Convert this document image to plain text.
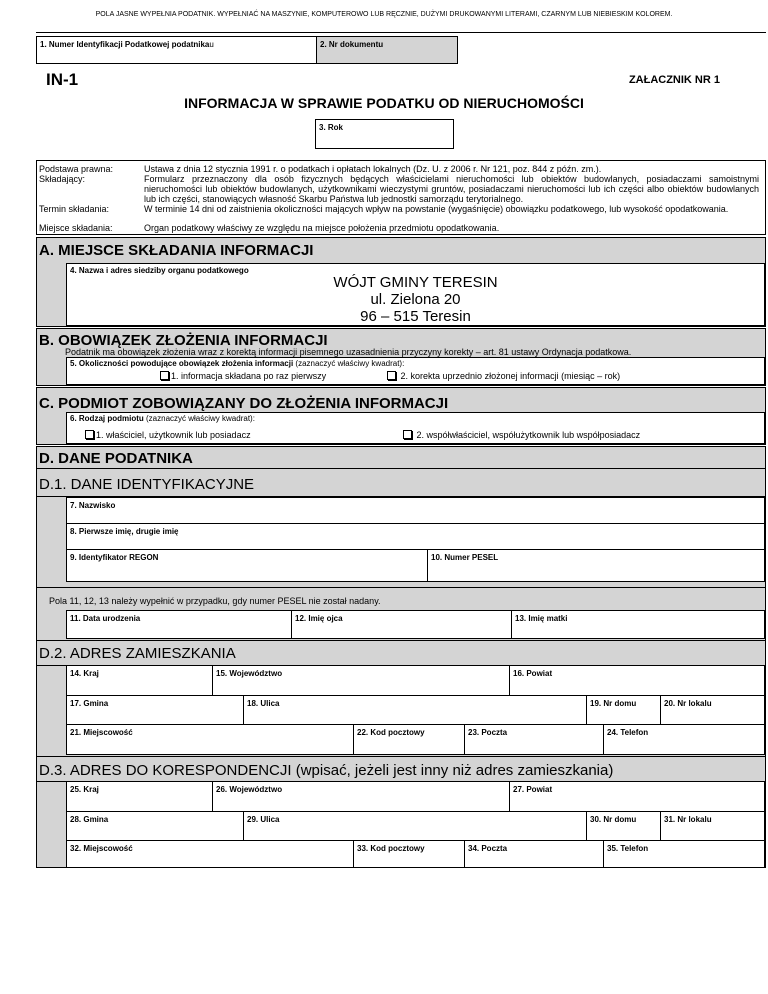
POLA JASNE WYPEŁNIA PODATNIK. WYPEŁNIAĆ NA MASZYNIE, KOMPUTEROWO LUB RĘCZNIE, DUŻYMI DRUKOWANYMI LITERAMI, CZARNYM LUB NIEBIESKIM KOLOREM.
1. Numer Identyfikacji Podatkowej podatnikau	2. Nr dokumentu
IN-1	ZAŁACZNIK NR 1
INFORMACJA W SPRAWIE PODATKU OD NIERUCHOMOŚCI
3. Rok
Podstawa prawna:	Ustawa z dnia 12 stycznia 1991 r. o podatkach i opłatach lokalnych (Dz. U. z 2006 r. Nr 121, poz. 844 z późn. zm.).
Składający:	Formularz przeznaczony dla osób fizycznych będących właścicielami nieruchomości lub obiektów budowlanych, posiadaczami samoistnymi nieruchomości lub obiektów budowlanych, użytkownikami wieczystymi gruntów, posiadaczami nieruchomości lub ich części albo obiektów budowlanych lub ich części, stanowiących własność Skarbu Państwa lub jednostki samorządu terytorialnego.
Termin składania:	W terminie 14 dni od zaistnienia okoliczności mających wpływ na powstanie (wygaśnięcie) obowiązku podatkowego, lub wysokość opodatkowania.
Miejsce składania:	Organ podatkowy właściwy ze względu na miejsce położenia przedmiotu opodatkowania.
A. MIEJSCE SKŁADANIA INFORMACJI
4. Nazwa i adres siedziby organu podatkowego
WÓJT GMINY TERESIN
ul. Zielona 20
96 – 515 Teresin
B. OBOWIĄZEK ZŁOŻENIA INFORMACJI
Podatnik ma obowiązek złożenia wraz z korektą informacji pisemnego uzasadnienia przyczyny korekty – art. 81 ustawy Ordynacja podatkowa.
5. Okoliczności powodujące obowiązek złożenia informacji (zaznaczyć właściwy kwadrat):
1. informacja składana po raz pierwszy	2. korekta uprzednio złożonej informacji (miesiąc – rok)
C. PODMIOT ZOBOWIĄZANY DO ZŁOŻENIA INFORMACJI
6. Rodzaj podmiotu (zaznaczyć właściwy kwadrat):
1. właściciel, użytkownik lub posiadacz	2. współwłaściciel, współużytkownik lub współposiadacz
D. DANE PODATNIKA
D.1. DANE IDENTYFIKACYJNE
7. Nazwisko
8. Pierwsze imię, drugie imię
9. Identyfikator REGON	10. Numer PESEL
Pola 11, 12, 13 należy wypełnić w przypadku, gdy numer PESEL nie został nadany.
11. Data urodzenia	12. Imię ojca	13. Imię matki
D.2. ADRES ZAMIESZKANIA
14. Kraj	15. Województwo	16. Powiat
17. Gmina	18. Ulica	19. Nr domu	20. Nr lokalu
21. Miejscowość	22. Kod pocztowy	23. Poczta	24. Telefon
D.3. ADRES DO KORESPONDENCJI (wpisać, jeżeli jest inny niż adres zamieszkania)
25. Kraj	26. Województwo	27. Powiat
28. Gmina	29. Ulica	30. Nr domu	31. Nr lokalu
32. Miejscowość	33. Kod pocztowy	34. Poczta	35. Telefon
